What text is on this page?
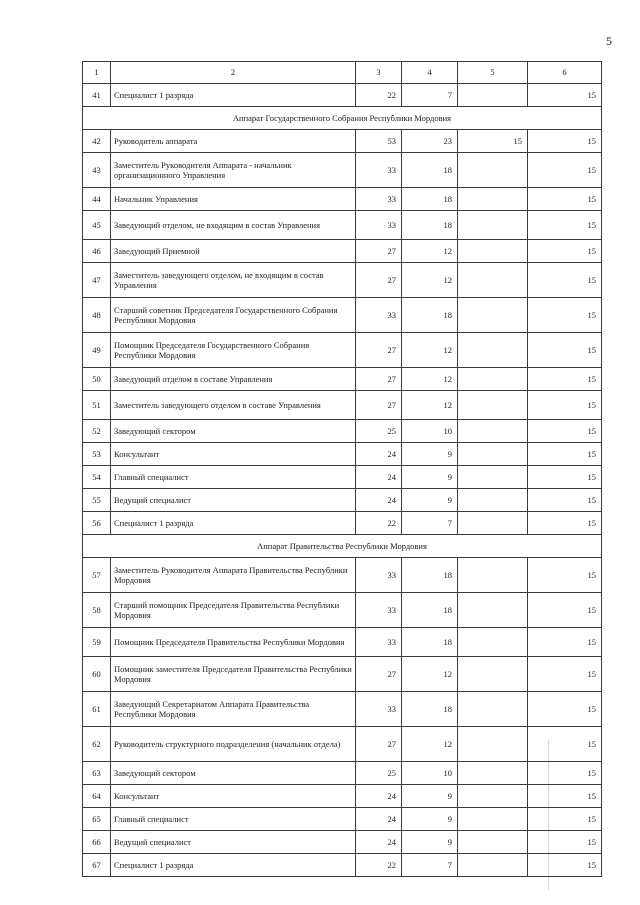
5
1	2	3	4	5	6
41	Специалист 1 разряда	22	7		15
Аппарат Государственного Собрания Республики Мордовия					
42	Руководитель аппарата	53	23	15	15
43	Заместитель Руководителя Аппарата - начальник организационного Управления	33	18		15
44	Начальник Управления	33	18		15
45	Заведующий отделом, не входящим в состав Управления	33	18		15
46	Заведующий Приемной	27	12		15
47	Заместитель заведующего отделом, не входящим в состав Управления	27	12		15
48	Старший советник Председателя Государственного Собрания Республики Мордовия	33	18		15
49	Помощник Председателя Государственного Собрания Республики Мордовия	27	12		15
50	Заведующий отделом в составе Управления	27	12		15
51	Заместитель заведующего отделом в составе Управления	27	12		15
52	Заведующий сектором	25	10		15
53	Консультант	24	9		15
54	Главный специалист	24	9		15
55	Ведущий специалист	24	9		15
56	Специалист 1 разряда	22	7		15
Аппарат Правительства Республики Мордовия					
57	Заместитель Руководителя Аппарата Правительства Республики Мордовия	33	18		15
58	Старший помощник Председателя Правительства Республики Мордовия	33	18		15
59	Помощник Председателя Правительства Республики Мордовия	33	18		15
60	Помощник заместителя Председателя Правительства Республики Мордовия	27	12		15
61	Заведующий Секретариатом Аппарата Правительства Республики Мордовия	33	18		15
62	Руководитель структурного подразделения (начальник отдела)	27	12		15
63	Заведующий сектором	25	10		15
64	Консультант	24	9		15
65	Главный специалист	24	9		15
66	Ведущий специалист	24	9		15
67	Специалист 1 разряда	22	7		15
